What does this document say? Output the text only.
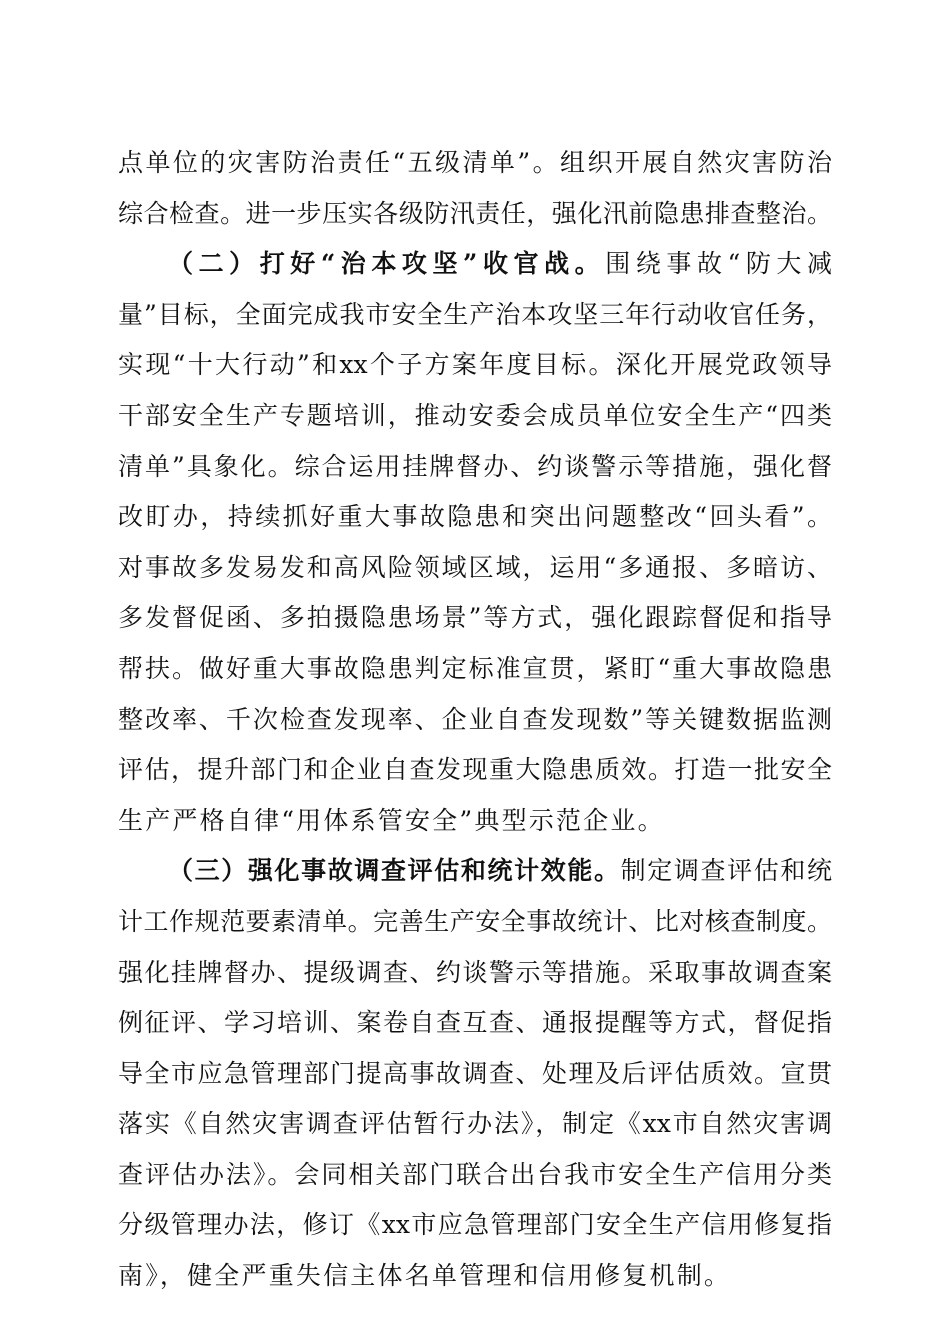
点单位的灾害防治责任“五级清单”。组织开展自然灾害防治
综合检查。进一步压实各级防汛责任，强化汛前隐患排查整治。
（二）打好“治本攻坚”收官战。围绕事故“防大减
量”目标，全面完成我市安全生产治本攻坚三年行动收官任务，
实现“十大行动”和xx个子方案年度目标。深化开展党政领导
干部安全生产专题培训，推动安委会成员单位安全生产“四类
清单”具象化。综合运用挂牌督办、约谈警示等措施，强化督
改盯办，持续抓好重大事故隐患和突出问题整改“回头看”。
对事故多发易发和高风险领域区域，运用“多通报、多暗访、
多发督促函、多拍摄隐患场景”等方式，强化跟踪督促和指导
帮扶。做好重大事故隐患判定标准宣贯，紧盯“重大事故隐患
整改率、千次检查发现率、企业自查发现数”等关键数据监测
评估，提升部门和企业自查发现重大隐患质效。打造一批安全
生产严格自律“用体系管安全”典型示范企业。
（三）强化事故调查评估和统计效能。制定调查评估和统
计工作规范要素清单。完善生产安全事故统计、比对核查制度。
强化挂牌督办、提级调查、约谈警示等措施。采取事故调查案
例征评、学习培训、案卷自查互查、通报提醒等方式，督促指
导全市应急管理部门提高事故调查、处理及后评估质效。宣贯
落实《自然灾害调查评估暂行办法》，制定《xx市自然灾害调
查评估办法》。会同相关部门联合出台我市安全生产信用分类
分级管理办法，修订《xx市应急管理部门安全生产信用修复指
南》，健全严重失信主体名单管理和信用修复机制。
